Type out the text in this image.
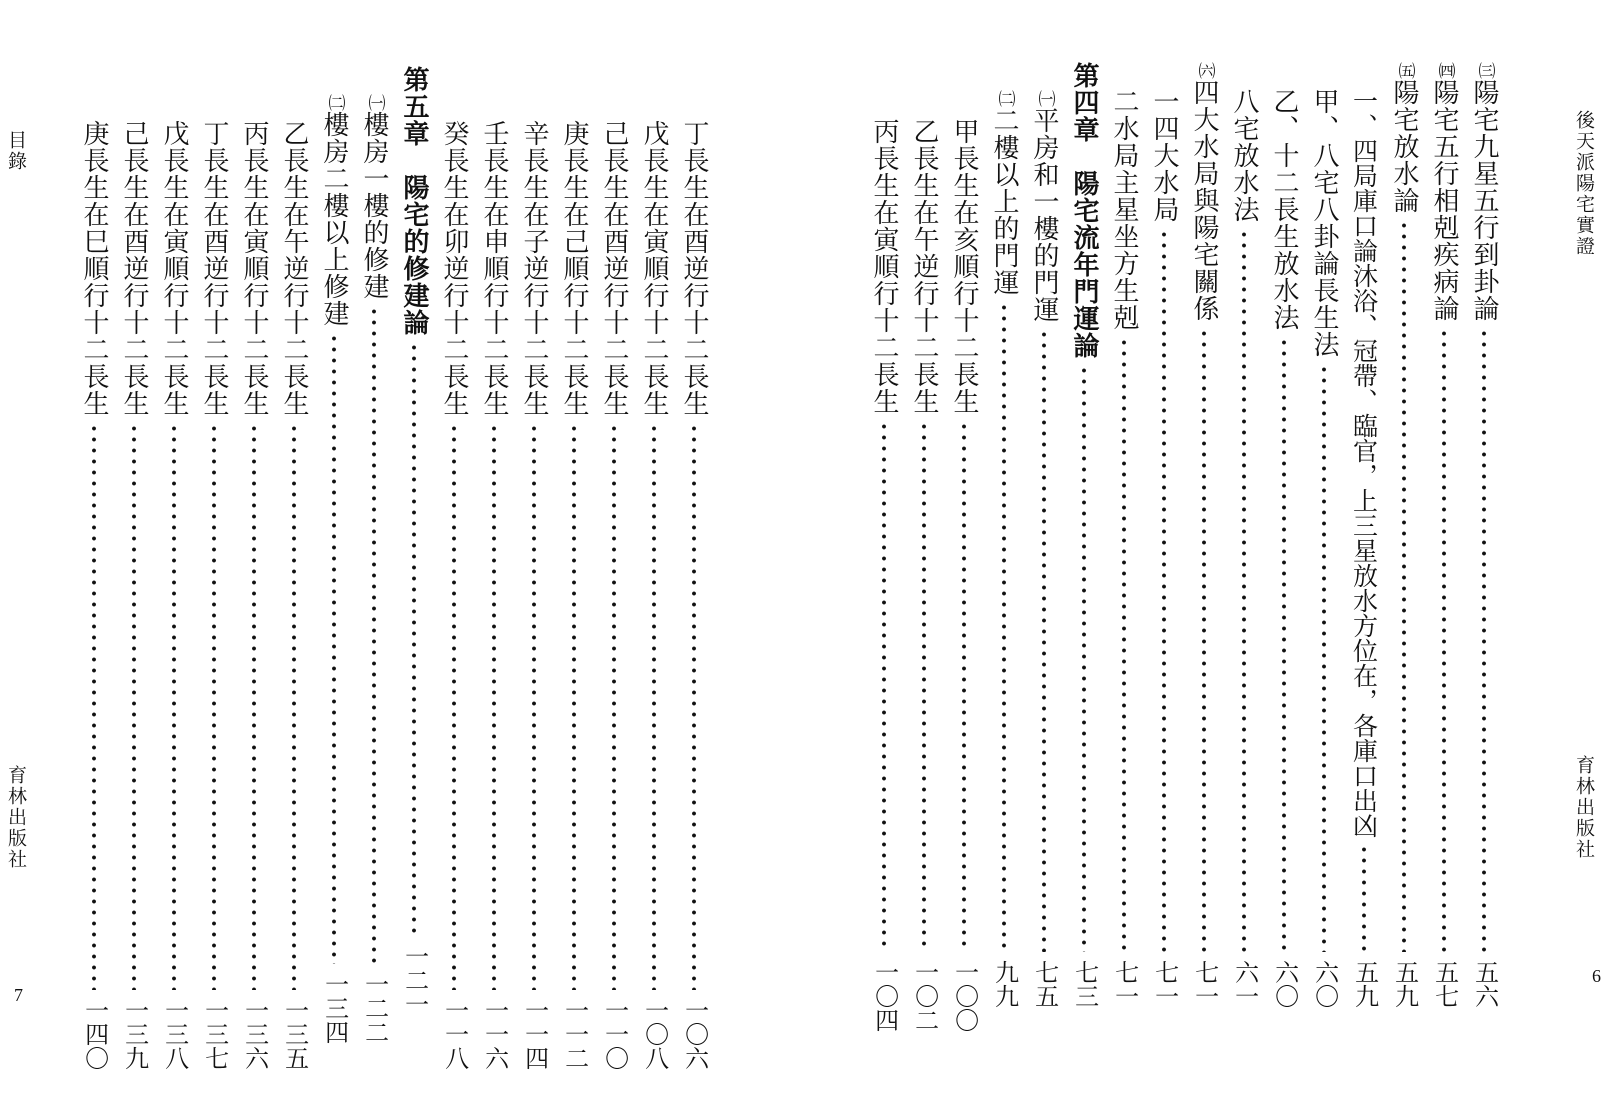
目錄
育林出版社
7
後天派陽宅實證
育林出版社
6
丁長生在酉逆行十二長生
一〇六
戊長生在寅順行十二長生
一〇八
己長生在酉逆行十二長生
一一〇
庚長生在己順行十二長生
一一二
辛長生在子逆行十二長生
一一四
壬長生在申順行十二長生
一一六
癸長生在卯逆行十二長生
一一八
第五章　陽宅的修建論
一二一
㈠
樓房一樓的修建
一二二
㈡
樓房二樓以上修建
一三四
乙長生在午逆行十二長生
一三五
丙長生在寅順行十二長生
一三六
丁長生在酉逆行十二長生
一三七
戊長生在寅順行十二長生
一三八
己長生在酉逆行十二長生
一三九
庚長生在巳順行十二長生
一四〇
㈢
陽宅九星五行到卦論
五六
㈣
陽宅五行相剋疾病論
五七
㈤
陽宅放水論
五九
一、四局庫口論沐浴、冠帶、臨官，上三星放水方位在，各庫口出凶
五九
甲、八宅八卦論長生法
六〇
乙、十二長生放水法
六〇
八宅放水法
六一
㈥
四大水局與陽宅關係
七一
一四大水局
七一
二水局主星坐方生剋
七一
第四章　陽宅流年門運論
七三
㈠
平房和一樓的門運
七五
㈡
二樓以上的門運
九九
甲長生在亥順行十二長生
一〇〇
乙長生在午逆行十二長生
一〇二
丙長生在寅順行十二長生
一〇四
